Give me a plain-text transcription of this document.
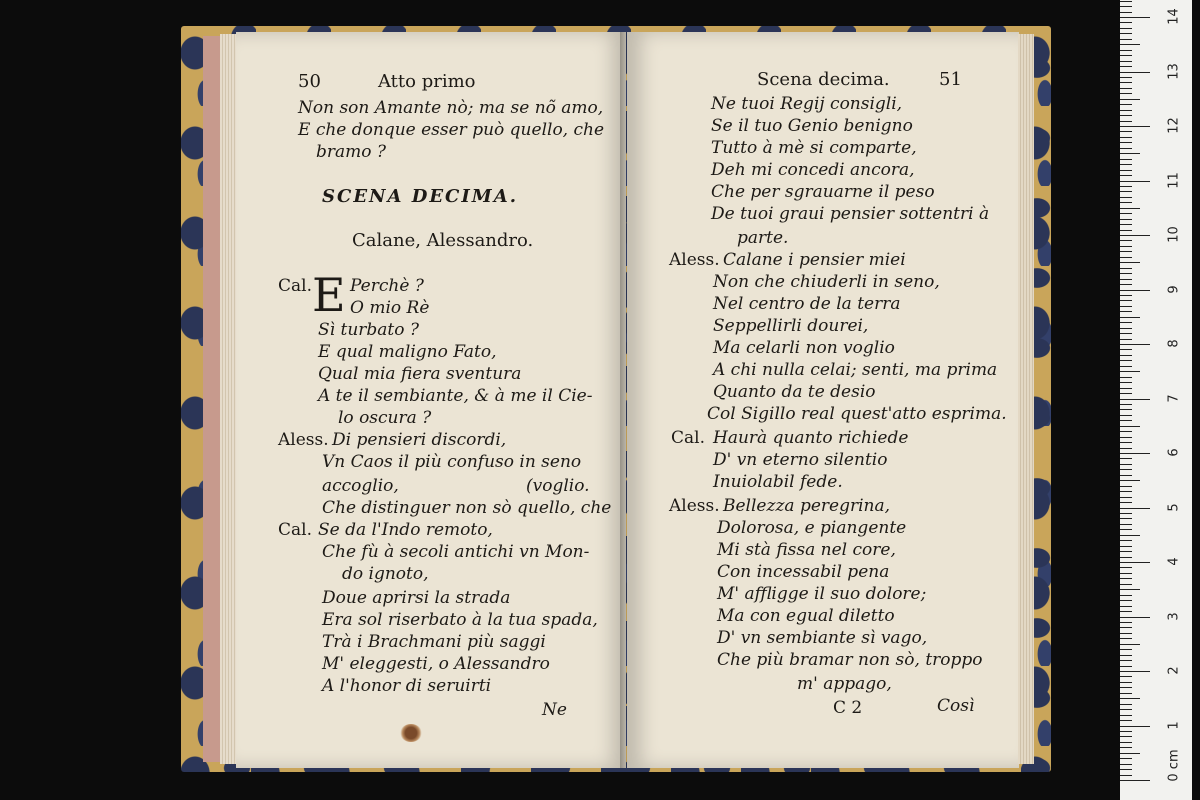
50	Atto primo
Non son Amante nò; ma se nõ amo,
E che donque esser può quello, che
bramo ?
SCENA DECIMA.
Calane, Alessandro.
Cal. E Perchè ?
O mio Rè
Sì turbato ?
E qual maligno Fato,
Qual mia fiera sventura
A te il sembiante, & à me il Cie-
lo oscura ?
Aless. Di pensieri discordi,
Vn Caos il più confuso in seno
accoglio,	(voglio.
Che distinguer non sò quello, che
Cal. Se da l'Indo remoto,
Che fù à secoli antichi vn Mon-
do ignoto,
Doue aprirsi la strada
Era sol riserbato à la tua spada,
Trà i Brachmani più saggi
M' eleggesti, o Alessandro
A l'honor di seruirti
Ne
Scena decima.	51
Ne tuoi Regij consigli,
Se il tuo Genio benigno
Tutto à mè si comparte,
Deh mi concedi ancora,
Che per sgrauarne il peso
De tuoi graui pensier sottentri à
parte.
Aless. Calane i pensier miei
Non che chiuderli in seno,
Nel centro de la terra
Seppellirli dourei,
Ma celarli non voglio
A chi nulla celai; senti, ma prima
Quanto da te desio
Col Sigillo real quest'atto esprima.
Cal. Haurà quanto richiede
D' vn eterno silentio
Inuiolabil fede.
Aless. Bellezza peregrina,
Dolorosa, e piangente
Mi stà fissa nel core,
Con incessabil pena
M' affligge il suo dolore;
Ma con egual diletto
D' vn sembiante sì vago,
Che più bramar non sò, troppo
m' appago,
C 2	Così
0 cm
1
2
3
4
5
6
7
8
9
10
11
12
13
14
